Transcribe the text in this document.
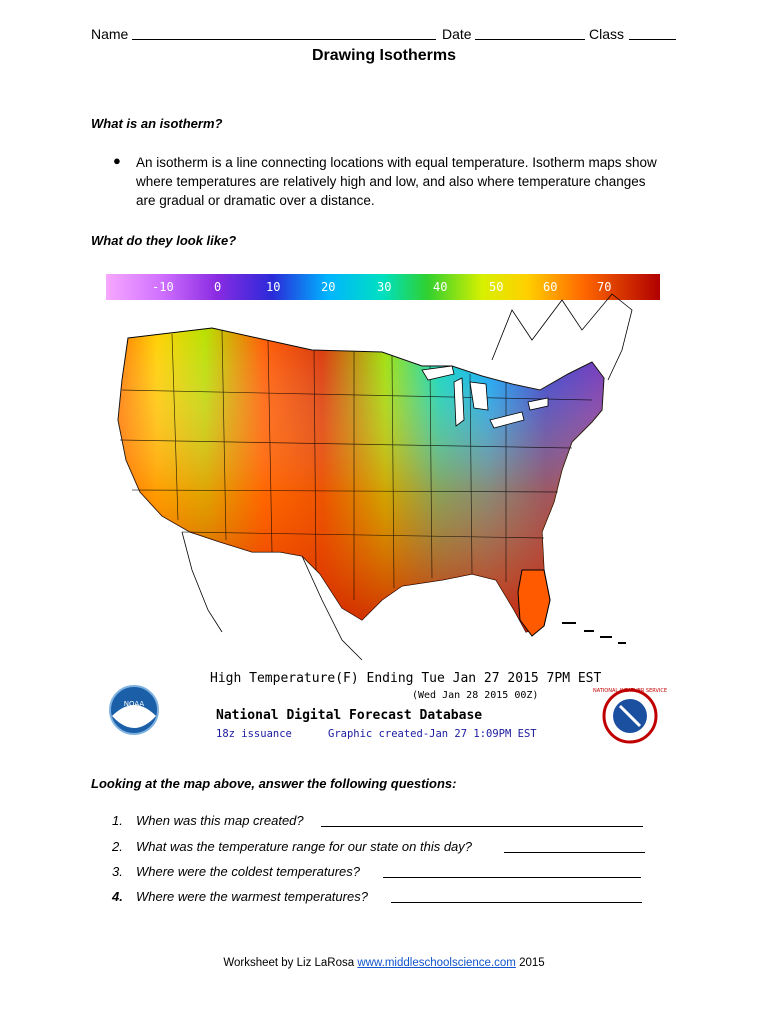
Name	Date	Class
Drawing Isotherms
What is an isotherm?
● An isotherm is a line connecting locations with equal temperature. Isotherm maps show where temperatures are relatively high and low, and also where temperature changes are gradual or dramatic over a distance.
What do they look like?
-10	0	10	20	30	40	50	60	70
NOAA
NATIONAL WEATHER SERVICE
High Temperature(F) Ending Tue Jan 27 2015 7PM EST
(Wed Jan 28 2015 00Z)
National Digital Forecast Database
18z issuance	Graphic created-Jan 27 1:09PM EST
Looking at the map above, answer the following questions:
1.	When was this map created?
2.	What was the temperature range for our state on this day?
3.	Where were the coldest temperatures?
4.	Where were the warmest temperatures?
Worksheet by Liz LaRosa www.middleschoolscience.com 2015
